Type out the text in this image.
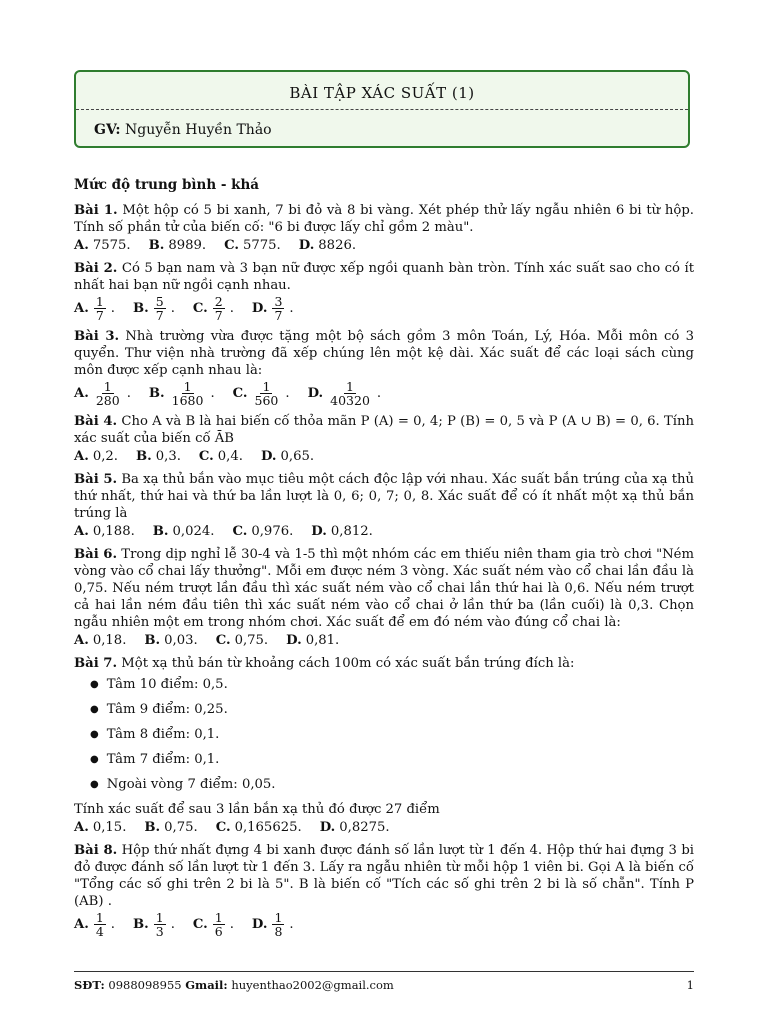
BÀI TẬP XÁC SUẤT (1)
GV: Nguyễn Huyền Thảo
Mức độ trung bình - khá

Bài 1. Một hộp có 5 bi xanh, 7 bi đỏ và 8 bi vàng. Xét phép thử lấy ngẫu nhiên 6 bi từ hộp. Tính số phần tử của biến cố: "6 bi được lấy chỉ gồm 2 màu".

A. 7575. B. 8989. C. 5775. D. 8826.

Bài 2. Có 5 bạn nam và 3 bạn nữ được xếp ngồi quanh bàn tròn. Tính xác suất sao cho có ít nhất hai bạn nữ ngồi cạnh nhau.

A. $\frac{1}{7}$ . B. $\frac{5}{7}$ . C. $\frac{2}{7}$ . D. $\frac{3}{7}$ .

Bài 3. Nhà trường vừa được tặng một bộ sách gồm 3 môn Toán, Lý, Hóa. Mỗi môn có 3 quyển. Thư viện nhà trường đã xếp chúng lên một kệ dài. Xác suất để các loại sách cùng môn được xếp cạnh nhau là:

A. $\frac{1}{280}$ . B. $\frac{1}{1680}$ . C. $\frac{1}{560}$ . D. $\frac{1}{40320}$ .

Bài 4. Cho A và B là hai biến cố thỏa mãn P (A) = 0, 4; P (B) = 0, 5 và P (A ∪ B) = 0, 6. Tính xác suất của biến cố ĀB

A. 0,2. B. 0,3. C. 0,4. D. 0,65.

Bài 5. Ba xạ thủ bắn vào mục tiêu một cách độc lập với nhau. Xác suất bắn trúng của xạ thủ thứ nhất, thứ hai và thứ ba lần lượt là 0, 6; 0, 7; 0, 8. Xác suất để có ít nhất một xạ thủ bắn trúng là

A. 0,188. B. 0,024. C. 0,976. D. 0,812.

Bài 6. Trong dịp nghỉ lễ 30-4 và 1-5 thì một nhóm các em thiếu niên tham gia trò chơi "Ném vòng vào cổ chai lấy thưởng". Mỗi em được ném 3 vòng. Xác suất ném vào cổ chai lần đầu là 0,75. Nếu ném trượt lần đầu thì xác suất ném vào cổ chai lần thứ hai là 0,6. Nếu ném trượt cả hai lần ném đầu tiên thì xác suất ném vào cổ chai ở lần thứ ba (lần cuối) là 0,3. Chọn ngẫu nhiên một em trong nhóm chơi. Xác suất để em đó ném vào đúng cổ chai là:

A. 0,18. B. 0,03. C. 0,75. D. 0,81.

Bài 7. Một xạ thủ bán từ khoảng cách 100m có xác suất bắn trúng đích là:

● Tâm 10 điểm: 0,5.
● Tâm 9 điểm: 0,25.
● Tâm 8 điểm: 0,1.
● Tâm 7 điểm: 0,1.
● Ngoài vòng 7 điểm: 0,05.

Tính xác suất để sau 3 lần bắn xạ thủ đó được 27 điểm

A. 0,15. B. 0,75. C. 0,165625. D. 0,8275.

Bài 8. Hộp thứ nhất đựng 4 bi xanh được đánh số lần lượt từ 1 đến 4. Hộp thứ hai đựng 3 bi đỏ được đánh số lần lượt từ 1 đến 3. Lấy ra ngẫu nhiên từ mỗi hộp 1 viên bi. Gọi A là biến cố "Tổng các số ghi trên 2 bi là 5". B là biến cố "Tích các số ghi trên 2 bi là số chẵn". Tính P (AB) .

A. $\frac{1}{4}$ . B. $\frac{1}{3}$ . C. $\frac{1}{6}$ . D. $\frac{1}{8}$ .
SĐT: 0988098955 Gmail: huyenthao2002@gmail.com	1
